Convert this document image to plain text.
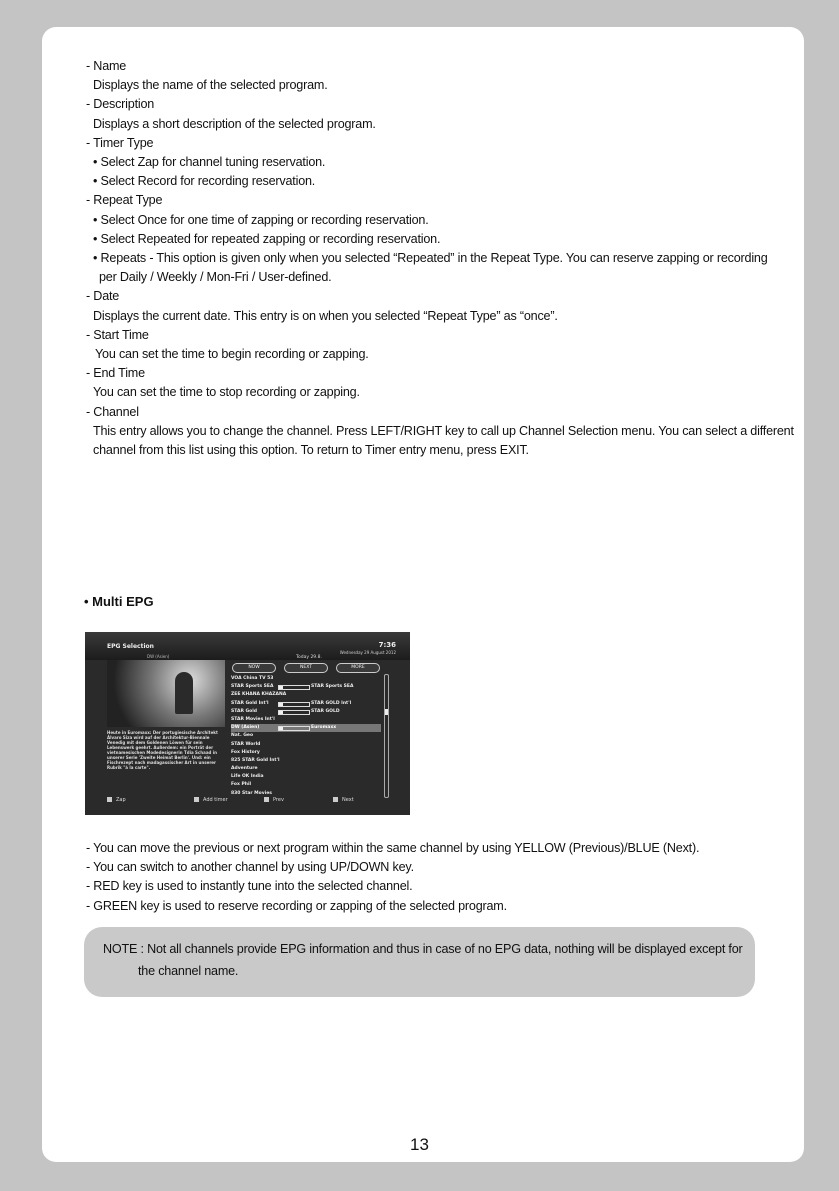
- Name
Displays the name of the selected program.
- Description
Displays a short description of the selected program.
- Timer Type
• Select Zap for channel tuning reservation.
• Select Record for recording reservation.
- Repeat Type
• Select Once for one time of zapping or recording reservation.
• Select Repeated for repeated zapping or recording reservation.
• Repeats - This option is given only when you selected “Repeated” in the Repeat Type. You can reserve zapping or recording
per Daily / Weekly / Mon-Fri / User-defined.
- Date
Displays the current date. This entry is on when you selected “Repeat Type” as “once”.
- Start Time
You can set the time to begin recording or zapping.
- End Time
You can set the time to stop recording or zapping.
- Channel
This entry allows you to change the channel. Press LEFT/RIGHT key to call up Channel Selection menu. You can select a different
channel from this list using this option. To return to Timer entry menu, press EXIT.
• Multi EPG
EPG Selection	7:36
Wednesday 29 August 2012
DW (Asien)	Today 29.8.
Heute in Euromaxx: Der portugiesische Architekt Álvaro Siza wird auf der Architektur-Biennale Venedig mit dem Goldenen Löwen für sein Lebenswerk geehrt. Außerdem: ein Porträt der vietnamesischen Modedesignerin Tdia Schaad in unserer Serie 'Zweite Heimat Berlin'. Und: ein Fischrezept nach madagassischer Art in unserer Rubrik "à la carte".
NOW	NEXT	MORE
VOA China TV 53
STAR Sports SEA	STAR Sports SEA
ZEE KHANA KHAZANA
STAR Gold Int'l	STAR GOLD Int'l
STAR Gold	STAR GOLD
STAR Movies Int'l
DW (Asien)	Euromaxx
Nat. Geo
STAR World
Fox History
825 STAR Gold Int'l
Adventure
Life OK India
Fox Phil
830 Star Movies
Zap	Add timer	Prev	Next
- You can move the previous or next program within the same channel by using YELLOW (Previous)/BLUE (Next).
- You can switch to another channel by using UP/DOWN key.
- RED key is used to instantly tune into the selected channel.
- GREEN key is used to reserve recording or zapping of the selected program.
NOTE : Not all channels provide EPG information and thus in case of no EPG data, nothing will be displayed except for
the channel name.
13
